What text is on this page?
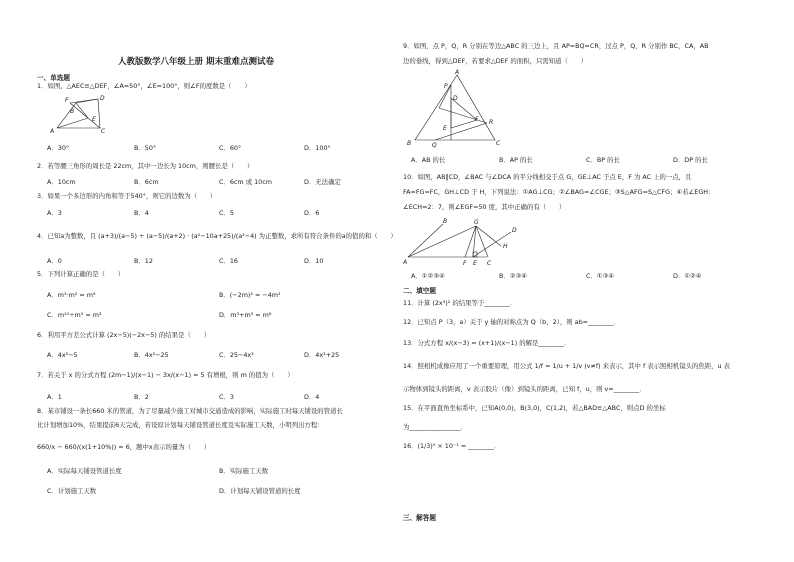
人教版数学八年级上册 期末重难点测试卷
一、单选题
1．如图，△AEC≌△DEF，∠A=50°，∠E=100°，则∠F的度数是（　　）
F	D
B
E
A	C
A．30°	B．50°	C．60°	D．100°
2．若等腰三角形的周长是 22cm，其中一边长为 10cm，则腰长是（　　）
A．10cm	B．6cm	C．6cm 或 10cm	D．无法确定
3．如果一个多边形的内角和等于540°，则它的边数为（　　）
A．3	B．4	C．5	D．6
4．已知a为整数，且 (a+3)/(a−5) ÷ (a−5)/(a+2) · (a²−10a+25)/(a²−4) 为正整数，求所有符合条件的a的值的和（　　）
A．0	B．12	C．16	D．10
5．下列计算正确的是（　　）
A．m³·m² = m⁶	B．(−2m)² = −4m²
C．m¹⁰÷m⁵ = m²	D．m³+m³ = m⁶
6．利用平方差公式计算 (2x−5)(−2x−5) 的结果是（　　）
A．4x²−5	B．4x²−25	C．25−4x²	D．4x²+25
7．若关于 x 的分式方程 (2m−1)/(x−1) − 3x/(x−1) = 5 有增根，则 m 的值为（　　）
A．1	B．2	C．3	D．4
8．某市铺设一条长660 米的管道，为了尽量减少施工对城市交通造成的影响，实际施工时每天铺设的管道长
比计划增加10%，结果提前6天完成，若设原计划每天铺设管道长度及实际施工天数，小明列出方程：
660/x − 660/(x(1+10%)) = 6，题中x表示的量为（　　）
A．实际每天铺设管道长度	B．实际施工天数
C．计划施工天数	D．计划每天铺设管道的长度
9．如图，点 P，Q，R 分别在等边△ABC 的三边上，且 AP=BQ=CR，过点 P，Q，R 分别作 BC，CA，AB
边的垂线，得到△DEF，若要求△DEF 的面积，只需知道（　　）
A
P
D
F R
E
B	Q	C
A．AB 的长	B．AP 的长	C．BP 的长	D．DP 的长
10．如图，AB∥CD，∠BAC 与∠DCA 的平分线相交于点 G，GE⊥AC 于点 E，F 为 AC 上的一点，且
FA=FG=FC，GH⊥CD 于 H，下列说法：①AG⊥CG；②∠BAG=∠CGE；③S△AFG=S△CFG；④若∠EGH：
∠ECH=2：7，则∠EGF=50 度，其中正确的有（　　）
B	G
D
H
A	F E C
A．①②③④	B．②③④	C．①③④	D．①②④
二、填空题
11．计算 (2x³)² 的结果等于________．
12．已知点 P（3，a）关于 y 轴的对称点为 Q（b，2），则 ab=________．
13．分式方程 x/(x−3) = (x+1)/(x−1) 的解是________．
14．照相机成像应用了一个重要原理，用公式 1/f = 1/u + 1/v (v≠f) 来表示，其中 f 表示照相机镜头的焦距，u 表
示物体到镜头的距离，v 表示胶片（像）到镜头的距离，已知 f，u，则 v=________．
15．在平面直角坐标系中，已知A(0,0)，B(3,0)，C(1,2)，若△BAD≌△ABC，则点D 的坐标
为________________．
16．(1/3)⁰ × 10⁻¹ = ________．
三、解答题
